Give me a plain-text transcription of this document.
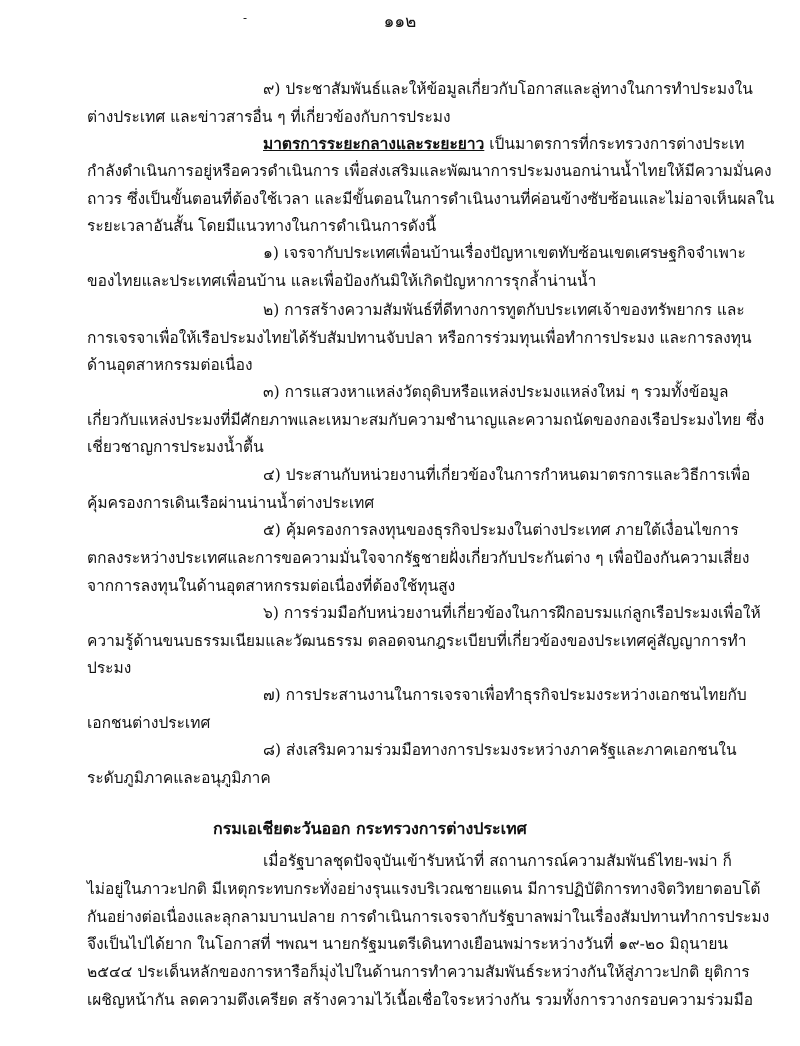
-	๑๑๒
๙) ประชาสัมพันธ์และให้ข้อมูลเกี่ยวกับโอกาสและลู่ทางในการทำประมงใน
ต่างประเทศ และข่าวสารอื่น ๆ ที่เกี่ยวข้องกับการประมง
มาตรการระยะกลางและระยะยาว เป็นมาตรการที่กระทรวงการต่างประเท
กำลังดำเนินการอยู่หรือควรดำเนินการ เพื่อส่งเสริมและพัฒนาการประมงนอกน่านน้ำไทยให้มีความมั่นคง
ถาวร ซึ่งเป็นขั้นตอนที่ต้องใช้เวลา และมีขั้นตอนในการดำเนินงานที่ค่อนข้างซับซ้อนและไม่อาจเห็นผลใน
ระยะเวลาอันสั้น โดยมีแนวทางในการดำเนินการดังนี้
๑) เจรจากับประเทศเพื่อนบ้านเรื่องปัญหาเขตทับซ้อนเขตเศรษฐกิจจำเพาะ
ของไทยและประเทศเพื่อนบ้าน และเพื่อป้องกันมิให้เกิดปัญหาการรุกล้ำน่านน้ำ
๒) การสร้างความสัมพันธ์ที่ดีทางการทูตกับประเทศเจ้าของทรัพยากร และ
การเจรจาเพื่อให้เรือประมงไทยได้รับสัมปทานจับปลา หรือการร่วมทุนเพื่อทำการประมง และการลงทุน
ด้านอุตสาหกรรมต่อเนื่อง
๓) การแสวงหาแหล่งวัตถุดิบหรือแหล่งประมงแหล่งใหม่ ๆ รวมทั้งข้อมูล
เกี่ยวกับแหล่งประมงที่มีศักยภาพและเหมาะสมกับความชำนาญและความถนัดของกองเรือประมงไทย ซึ่ง
เชี่ยวชาญการประมงน้ำตื้น
๔) ประสานกับหน่วยงานที่เกี่ยวข้องในการกำหนดมาตรการและวิธีการเพื่อ
คุ้มครองการเดินเรือผ่านน่านน้ำต่างประเทศ
๕) คุ้มครองการลงทุนของธุรกิจประมงในต่างประเทศ ภายใต้เงื่อนไขการ
ตกลงระหว่างประเทศและการขอความมั่นใจจากรัฐชายฝั่งเกี่ยวกับประกันต่าง ๆ เพื่อป้องกันความเสี่ยง
จากการลงทุนในด้านอุตสาหกรรมต่อเนื่องที่ต้องใช้ทุนสูง
๖) การร่วมมือกับหน่วยงานที่เกี่ยวข้องในการฝึกอบรมแก่ลูกเรือประมงเพื่อให้
ความรู้ด้านขนบธรรมเนียมและวัฒนธรรม ตลอดจนกฎระเบียบที่เกี่ยวข้องของประเทศคู่สัญญาการทำ
ประมง
๗) การประสานงานในการเจรจาเพื่อทำธุรกิจประมงระหว่างเอกชนไทยกับ
เอกชนต่างประเทศ
๘) ส่งเสริมความร่วมมือทางการประมงระหว่างภาครัฐและภาคเอกชนใน
ระดับภูมิภาคและอนุภูมิภาค
กรมเอเชียตะวันออก กระทรวงการต่างประเทศ
เมื่อรัฐบาลชุดปัจจุบันเข้ารับหน้าที่ สถานการณ์ความสัมพันธ์ไทย-พม่า ก็
ไม่อยู่ในภาวะปกติ มีเหตุกระทบกระทั่งอย่างรุนแรงบริเวณชายแดน มีการปฏิบัติการทางจิตวิทยาตอบโต้
กันอย่างต่อเนื่องและลุกลามบานปลาย การดำเนินการเจรจากับรัฐบาลพม่าในเรื่องสัมปทานทำการประมง
จึงเป็นไปได้ยาก ในโอกาสที่ ฯพณฯ นายกรัฐมนตรีเดินทางเยือนพม่าระหว่างวันที่ ๑๙-๒๐ มิถุนายน
๒๕๔๔ ประเด็นหลักของการหารือก็มุ่งไปในด้านการทำความสัมพันธ์ระหว่างกันให้สู่ภาวะปกติ ยุติการ
เผชิญหน้ากัน ลดความตึงเครียด สร้างความไว้เนื้อเชื่อใจระหว่างกัน รวมทั้งการวางกรอบความร่วมมือ
